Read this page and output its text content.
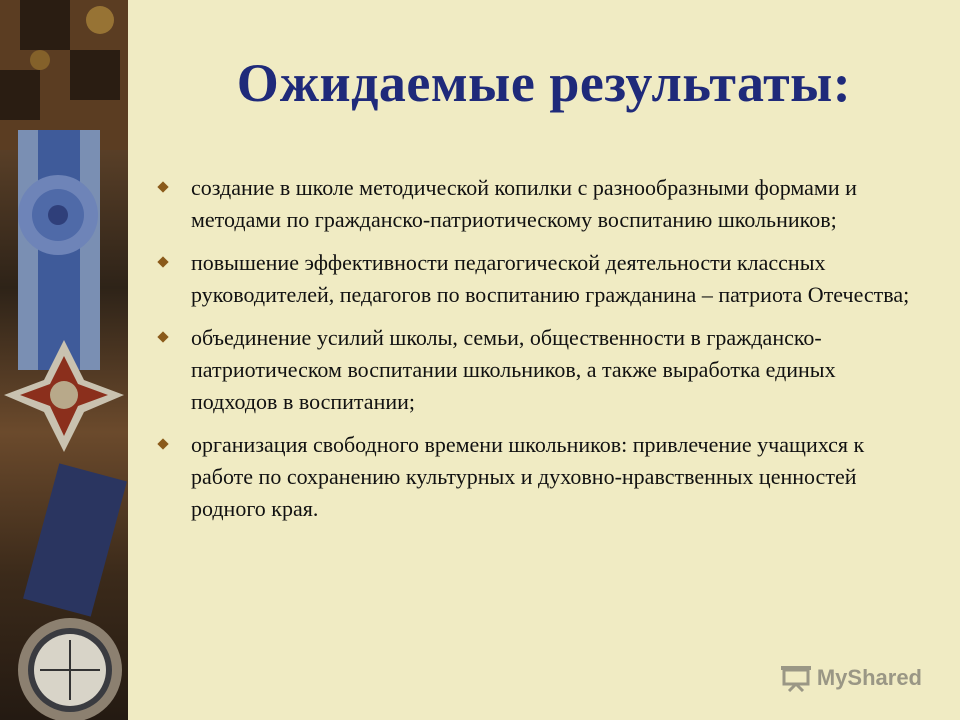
Ожидаемые результаты:
создание в школе методической копилки с разнообразными формами и методами по гражданско-патриотическому воспитанию школьников;
повышение эффективности педагогической деятельности классных руководителей, педагогов по воспитанию гражданина – патриота Отечества;
объединение усилий школы, семьи, общественности в гражданско-патриотическом воспитании школьников, а также выработка единых подходов в воспитании;
организация свободного времени школьников: привлечение учащихся к работе по сохранению культурных и духовно-нравственных ценностей родного края.
MyShared
